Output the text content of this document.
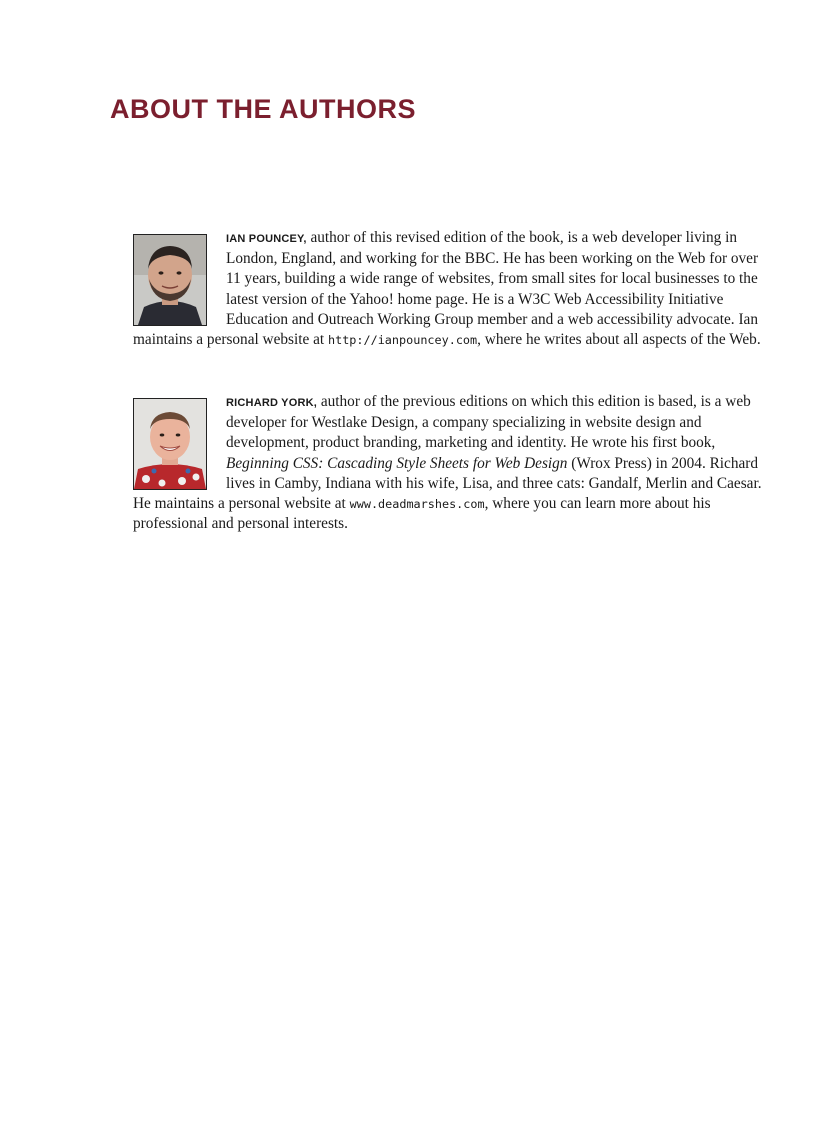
ABOUT THE AUTHORS

IAN POUNCEY, author of this revised edition of the book, is a web developer living in London, England, and working for the BBC. He has been working on the Web for over 11 years, building a wide range of websites, from small sites for local businesses to the latest version of the Yahoo! home page. He is a W3C Web Accessibility Initiative Education and Outreach Working Group member and a web accessibility advocate. Ian maintains a personal website at http://ianpouncey.com, where he writes about all aspects of the Web.

RICHARD YORK, author of the previous editions on which this edition is based, is a web developer for Westlake Design, a company specializing in website design and development, product branding, marketing and identity. He wrote his first book, Beginning CSS: Cascading Style Sheets for Web Design (Wrox Press) in 2004. Richard lives in Camby, Indiana with his wife, Lisa, and three cats: Gandalf, Merlin and Caesar. He maintains a personal website at www.deadmarshes.com, where you can learn more about his professional and personal interests.
